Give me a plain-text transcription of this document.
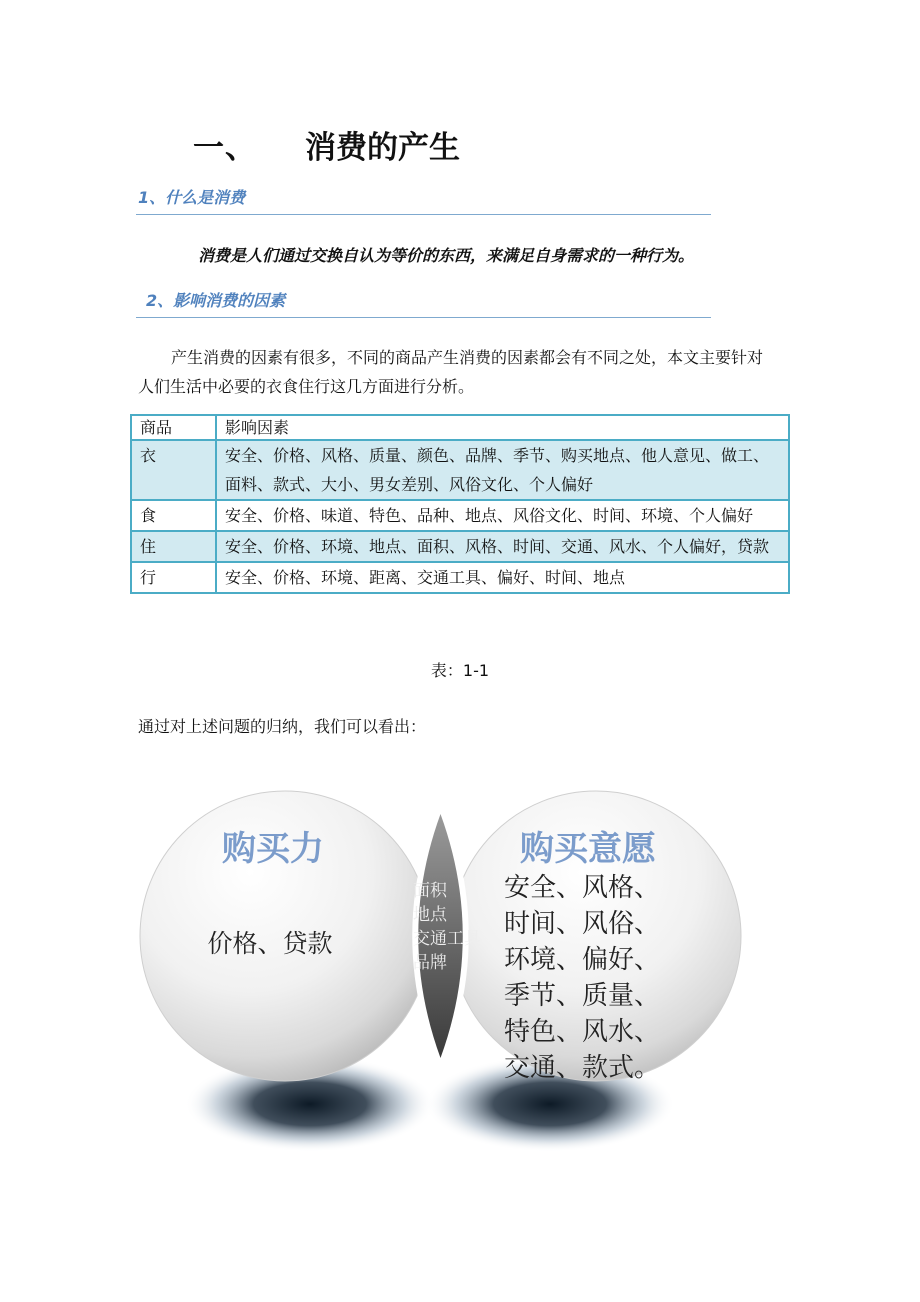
一、 消费的产生
1、什么是消费
消费是人们通过交换自认为等价的东西，来满足自身需求的一种行为。
2、影响消费的因素
产生消费的因素有很多，不同的商品产生消费的因素都会有不同之处，本文主要针对人们生活中必要的衣食住行这几方面进行分析。
商品	影响因素
衣	安全、价格、风格、质量、颜色、品牌、季节、购买地点、他人意见、做工、面料、款式、大小、男女差别、风俗文化、个人偏好
食	安全、价格、味道、特色、品种、地点、风俗文化、时间、环境、个人偏好
住	安全、价格、环境、地点、面积、风格、时间、交通、风水、个人偏好，贷款
行	安全、价格、环境、距离、交通工具、偏好、时间、地点
表：1-1
通过对上述问题的归纳，我们可以看出：
购买力
价格、贷款
面积
地点
交通工具
品牌
购买意愿
安全、风格、
时间、风俗、
环境、偏好、
季节、质量、
特色、风水、
交通、款式。
